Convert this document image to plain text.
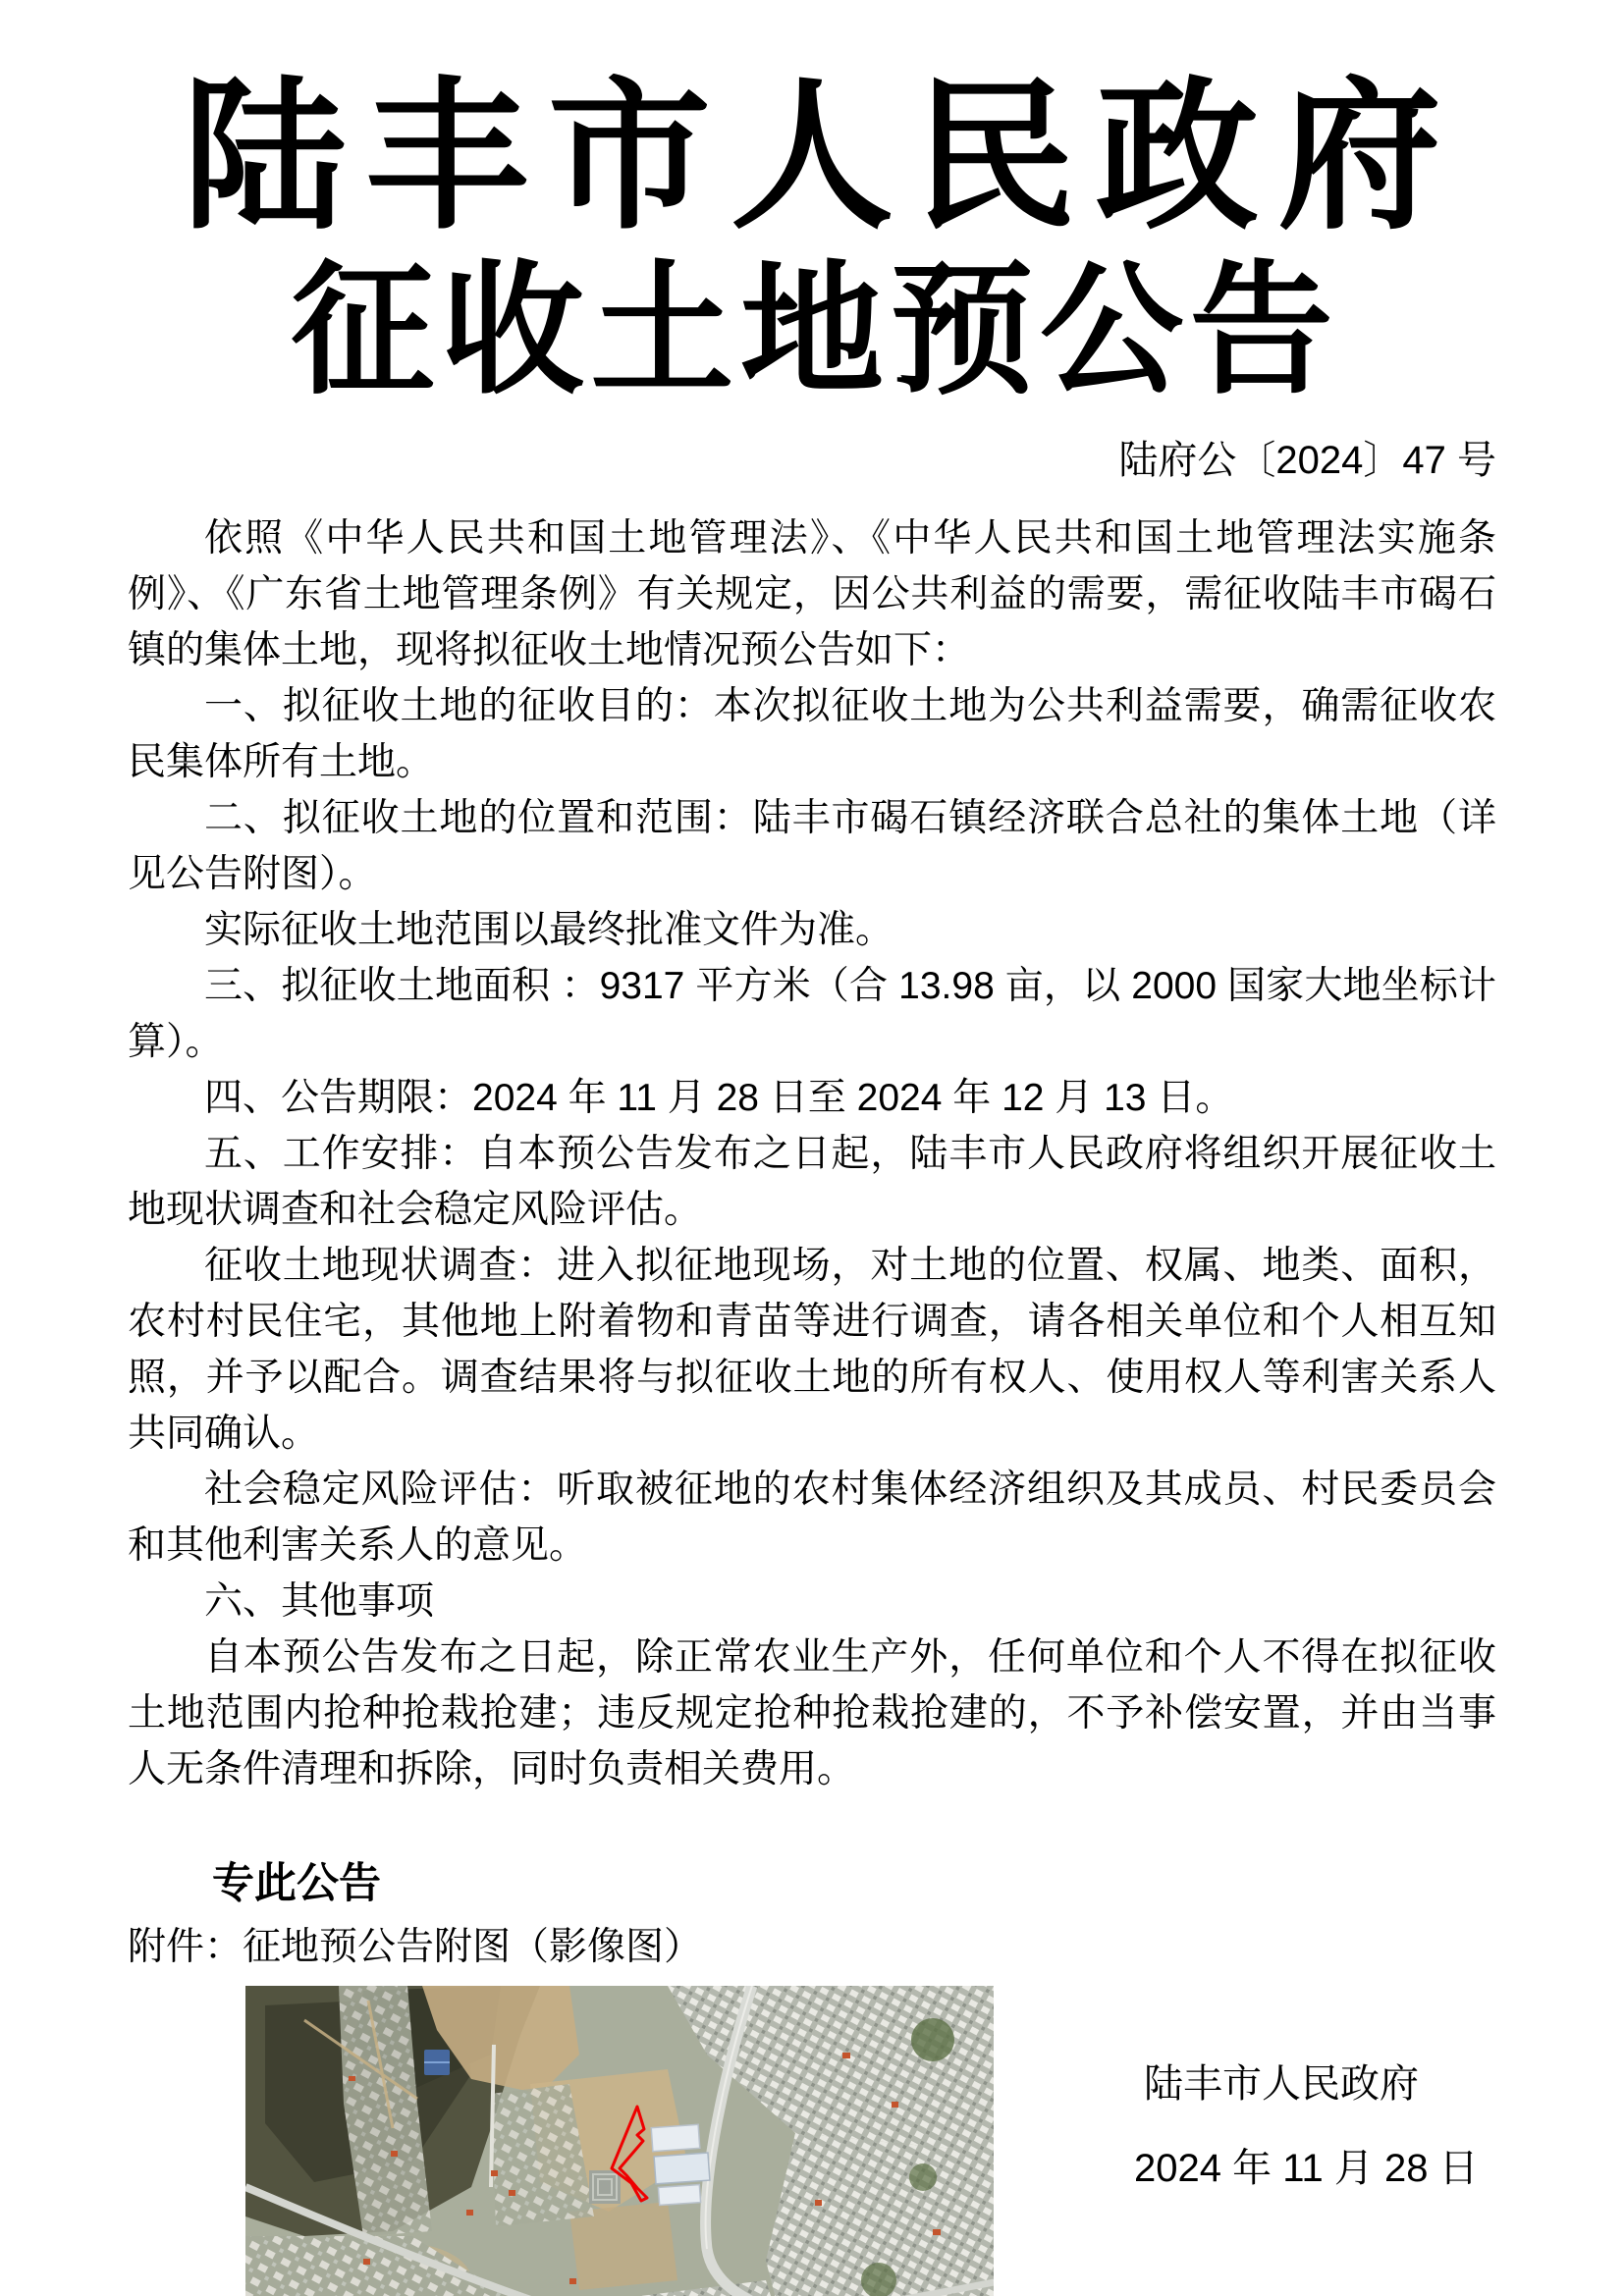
陆丰市人民政府
征收土地预公告
陆府公〔2024〕47 号

依照《中华人民共和国土地管理法》、《中华人民共和国土地管理法实施条例》、《广东省土地管理条例》有关规定，因公共利益的需要，需征收陆丰市碣石镇的集体土地，现将拟征收土地情况预公告如下：

一、拟征收土地的征收目的：本次拟征收土地为公共利益需要，确需征收农民集体所有土地。

二、拟征收土地的位置和范围：陆丰市碣石镇经济联合总社的集体土地（详见公告附图）。

实际征收土地范围以最终批准文件为准。

三、拟征收土地面积 ：9317 平方米（合 13.98 亩，以 2000 国家大地坐标计算）。

四、公告期限：2024 年 11 月 28 日至 2024 年 12 月 13 日。

五、工作安排：自本预公告发布之日起，陆丰市人民政府将组织开展征收土地现状调查和社会稳定风险评估。

征收土地现状调查：进入拟征地现场，对土地的位置、权属、地类、面积，农村村民住宅，其他地上附着物和青苗等进行调查，请各相关单位和个人相互知照，并予以配合。调查结果将与拟征收土地的所有权人、使用权人等利害关系人共同确认。

社会稳定风险评估：听取被征地的农村集体经济组织及其成员、村民委员会和其他利害关系人的意见。

六、其他事项

自本预公告发布之日起，除正常农业生产外，任何单位和个人不得在拟征收土地范围内抢种抢栽抢建；违反规定抢种抢栽抢建的，不予补偿安置，并由当事人无条件清理和拆除，同时负责相关费用。

专此公告
附件：征地预公告附图（影像图）
陆丰市人民政府
2024 年 11 月 28 日
